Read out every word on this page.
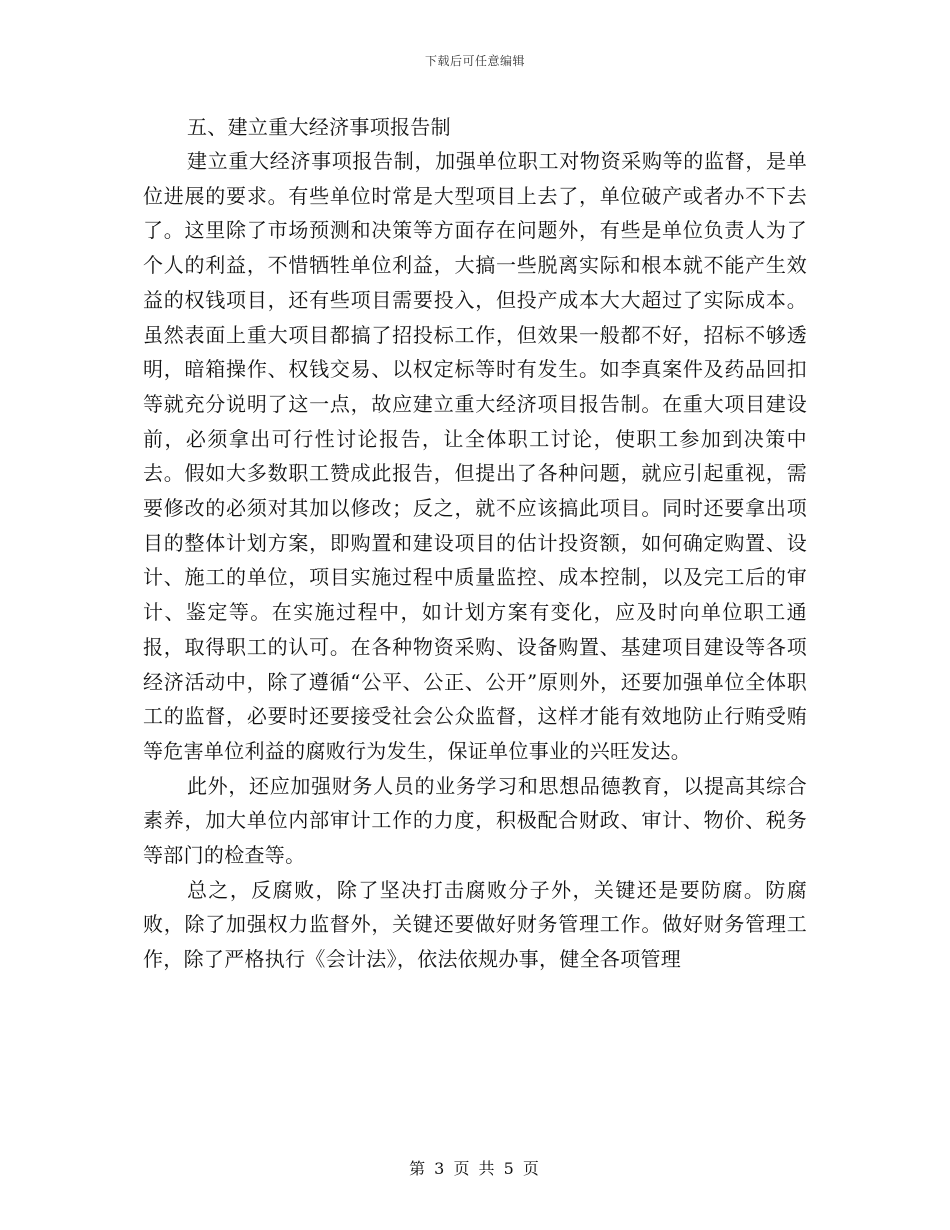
下载后可任意编辑

五、建立重大经济事项报告制

建立重大经济事项报告制，加强单位职工对物资采购等的监督，是单位进展的要求。有些单位时常是大型项目上去了，单位破产或者办不下去了。这里除了市场预测和决策等方面存在问题外，有些是单位负责人为了个人的利益，不惜牺牲单位利益，大搞一些脱离实际和根本就不能产生效益的权钱项目，还有些项目需要投入，但投产成本大大超过了实际成本。虽然表面上重大项目都搞了招投标工作，但效果一般都不好，招标不够透明，暗箱操作、权钱交易、以权定标等时有发生。如李真案件及药品回扣等就充分说明了这一点，故应建立重大经济项目报告制。在重大项目建设前，必须拿出可行性讨论报告，让全体职工讨论，使职工参加到决策中去。假如大多数职工赞成此报告，但提出了各种问题，就应引起重视，需要修改的必须对其加以修改；反之，就不应该搞此项目。同时还要拿出项目的整体计划方案，即购置和建设项目的估计投资额，如何确定购置、设计、施工的单位，项目实施过程中质量监控、成本控制，以及完工后的审计、鉴定等。在实施过程中，如计划方案有变化，应及时向单位职工通报，取得职工的认可。在各种物资采购、设备购置、基建项目建设等各项经济活动中，除了遵循“公平、公正、公开”原则外，还要加强单位全体职工的监督，必要时还要接受社会公众监督，这样才能有效地防止行贿受贿等危害单位利益的腐败行为发生，保证单位事业的兴旺发达。

此外，还应加强财务人员的业务学习和思想品德教育，以提高其综合素养，加大单位内部审计工作的力度，积极配合财政、审计、物价、税务等部门的检查等。

总之，反腐败，除了坚决打击腐败分子外，关键还是要防腐。防腐败，除了加强权力监督外，关键还要做好财务管理工作。做好财务管理工作，除了严格执行《会计法》，依法依规办事，健全各项管理

第 3 页 共 5 页
